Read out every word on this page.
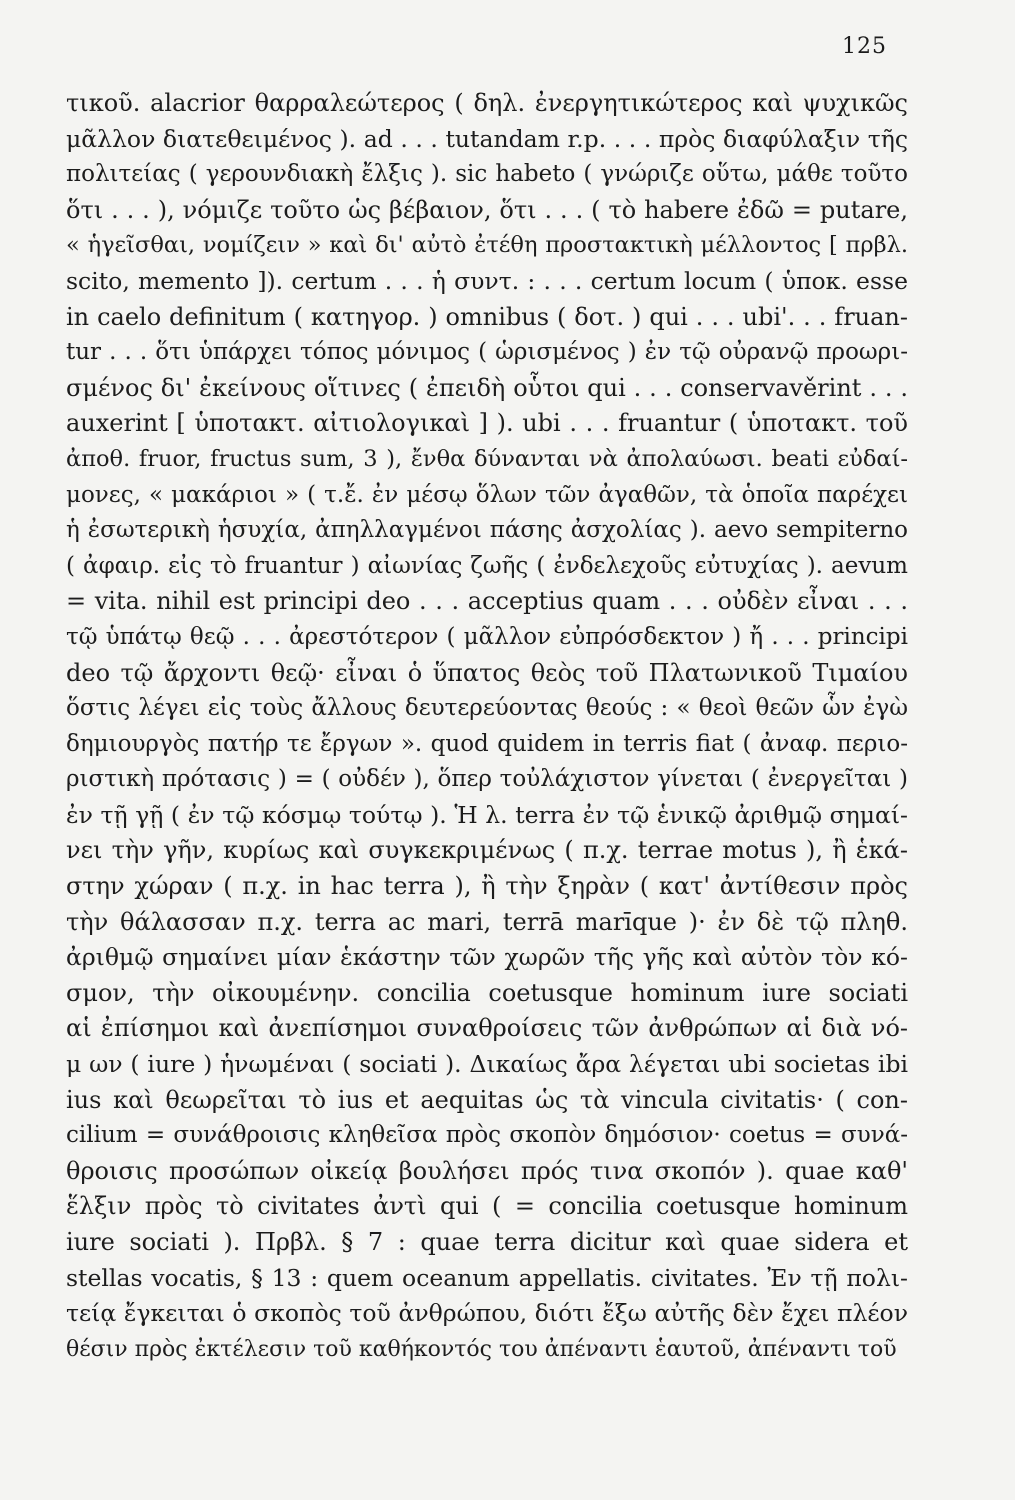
125
τικοῦ. alacrior θαρραλεώτερος ( δηλ. ἐνεργητικώτερος καὶ ψυχικῶς
μᾶλλον διατεθειμένος ). ad . . . tutandam r.p. . . . πρὸς διαφύλαξιν τῆς
πολιτείας ( γερουνδιακὴ ἔλξις ). sic habeto ( γνώριζε οὕτω, μάθε τοῦτο
ὅτι . . . ), νόμιζε τοῦτο ὡς βέβαιον, ὅτι . . . ( τὸ habere ἐδῶ = putare,
« ἡγεῖσθαι, νομίζειν » καὶ δι' αὐτὸ ἐτέθη προστακτικὴ μέλλοντος [ πρβλ.
scito, memento ]). certum . . . ἡ συντ. : . . . certum locum ( ὑποκ. esse
in caelo definitum ( κατηγορ. ) omnibus ( δοτ. ) qui . . . ubi'. . . fruan-
tur . . . ὅτι ὑπάρχει τόπος μόνιμος ( ὡρισμένος ) ἐν τῷ οὐρανῷ προωρι-
σμένος δι' ἐκείνους οἵτινες ( ἐπειδὴ οὗτοι qui . . . conservavěrint . . .
auxerint [ ὑποτακτ. αἰτιολογικαὶ ] ). ubi . . . fruantur ( ὑποτακτ. τοῦ
ἀποθ. fruor, fructus sum, 3 ), ἔνθα δύνανται νὰ ἀπολαύωσι. beati εὐδαί-
μονες, « μακάριοι » ( τ.ἔ. ἐν μέσῳ ὅλων τῶν ἀγαθῶν, τὰ ὁποῖα παρέχει
ἡ ἐσωτερικὴ ἡσυχία, ἀπηλλαγμένοι πάσης ἀσχολίας ). aevo sempiterno
( ἀφαιρ. εἰς τὸ fruantur ) αἰωνίας ζωῆς ( ἐνδελεχοῦς εὐτυχίας ). aevum
= vita. nihil est principi deo . . . acceptius quam . . . οὐδὲν εἶναι . . .
τῷ ὑπάτῳ θεῷ . . . ἀρεστότερον ( μᾶλλον εὐπρόσδεκτον ) ἤ . . . principi
deo τῷ ἄρχοντι θεῷ· εἶναι ὁ ὕπατος θεὸς τοῦ Πλατωνικοῦ Τιμαίου
ὅστις λέγει εἰς τοὺς ἄλλους δευτερεύοντας θεούς : « θεοὶ θεῶν ὧν ἐγὼ
δημιουργὸς πατήρ τε ἔργων ». quod quidem in terris fiat ( ἀναφ. περιο-
ριστικὴ πρότασις ) = ( οὐδέν ), ὅπερ τοὐλάχιστον γίνεται ( ἐνεργεῖται )
ἐν τῇ γῇ ( ἐν τῷ κόσμῳ τούτῳ ). Ἡ λ. terra ἐν τῷ ἑνικῷ ἀριθμῷ σημαί-
νει τὴν γῆν, κυρίως καὶ συγκεκριμένως ( π.χ. terrae motus ), ἢ ἑκά-
στην χώραν ( π.χ. in hac terra ), ἢ τὴν ξηρὰν ( κατ' ἀντίθεσιν πρὸς
τὴν θάλασσαν π.χ. terra ac mari, terrā marīque )· ἐν δὲ τῷ πληθ.
ἀριθμῷ σημαίνει μίαν ἑκάστην τῶν χωρῶν τῆς γῆς καὶ αὐτὸν τὸν κό-
σμον, τὴν οἰκουμένην. concilia coetusque hominum iure sociati
αἱ ἐπίσημοι καὶ ἀνεπίσημοι συναθροίσεις τῶν ἀνθρώπων αἱ διὰ νό-
μ ων ( iure ) ἡνωμέναι ( sociati ). Δικαίως ἄρα λέγεται ubi societas ibi
ius καὶ θεωρεῖται τὸ ius et aequitas ὡς τὰ vincula civitatis· ( con-
cilium = συνάθροισις κληθεῖσα πρὸς σκοπὸν δημόσιον· coetus = συνά-
θροισις προσώπων οἰκείᾳ βουλήσει πρός τινα σκοπόν ). quae καθ'
ἕλξιν πρὸς τὸ civitates ἀντὶ qui ( = concilia coetusque hominum
iure sociati ). Πρβλ. § 7 : quae terra dicitur καὶ quae sidera et
stellas vocatis, § 13 : quem oceanum appellatis. civitates. Ἐν τῇ πολι-
τείᾳ ἔγκειται ὁ σκοπὸς τοῦ ἀνθρώπου, διότι ἔξω αὐτῆς δὲν ἔχει πλέον
θέσιν πρὸς ἐκτέλεσιν τοῦ καθήκοντός του ἀπέναντι ἑαυτοῦ, ἀπέναντι τοῦ
